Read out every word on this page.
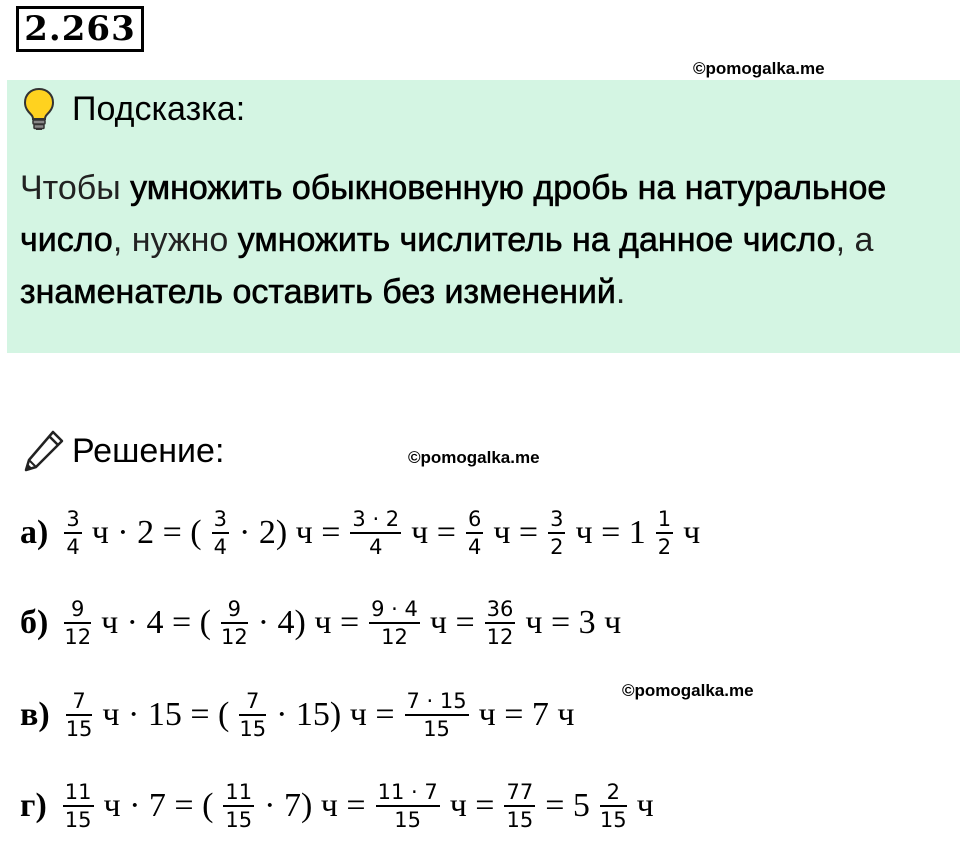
2.263
©pomogalka.me
Подсказка:
Чтобы умножить обыкновенную дробь на натуральное число, нужно умножить числитель на данное число, а знаменатель оставить без изменений.
Решение:	©pomogalka.me
©pomogalka.me
$а) \frac{3}{4}$ ч · 2 = ( $\frac{3}{4} \cdot 2$) $ч = \frac{3 \cdot 2}{4}$ $ч = \frac{6}{4}$ $ч = \frac{3}{2}$ $ч = 1 \frac{1}{2}$ ч
$б) \frac{9}{12}$ ч · 4 = ( $\frac{9}{12} \cdot 4$) $ч = \frac{9 \cdot 4}{12}$ $ч = \frac{36}{12}$ ч = 3 ч
$в) \frac{7}{15}$ ч · 15 = ( $\frac{7}{15} \cdot 15$) $ч = \frac{7 \cdot 15}{15}$ ч = 7 ч
$г) \frac{11}{15}$ ч · 7 = ( $\frac{11}{15} \cdot 7$) $ч = \frac{11 \cdot 7}{15}$ $ч = \frac{77}{15} = 5 \frac{2}{15}$ ч
